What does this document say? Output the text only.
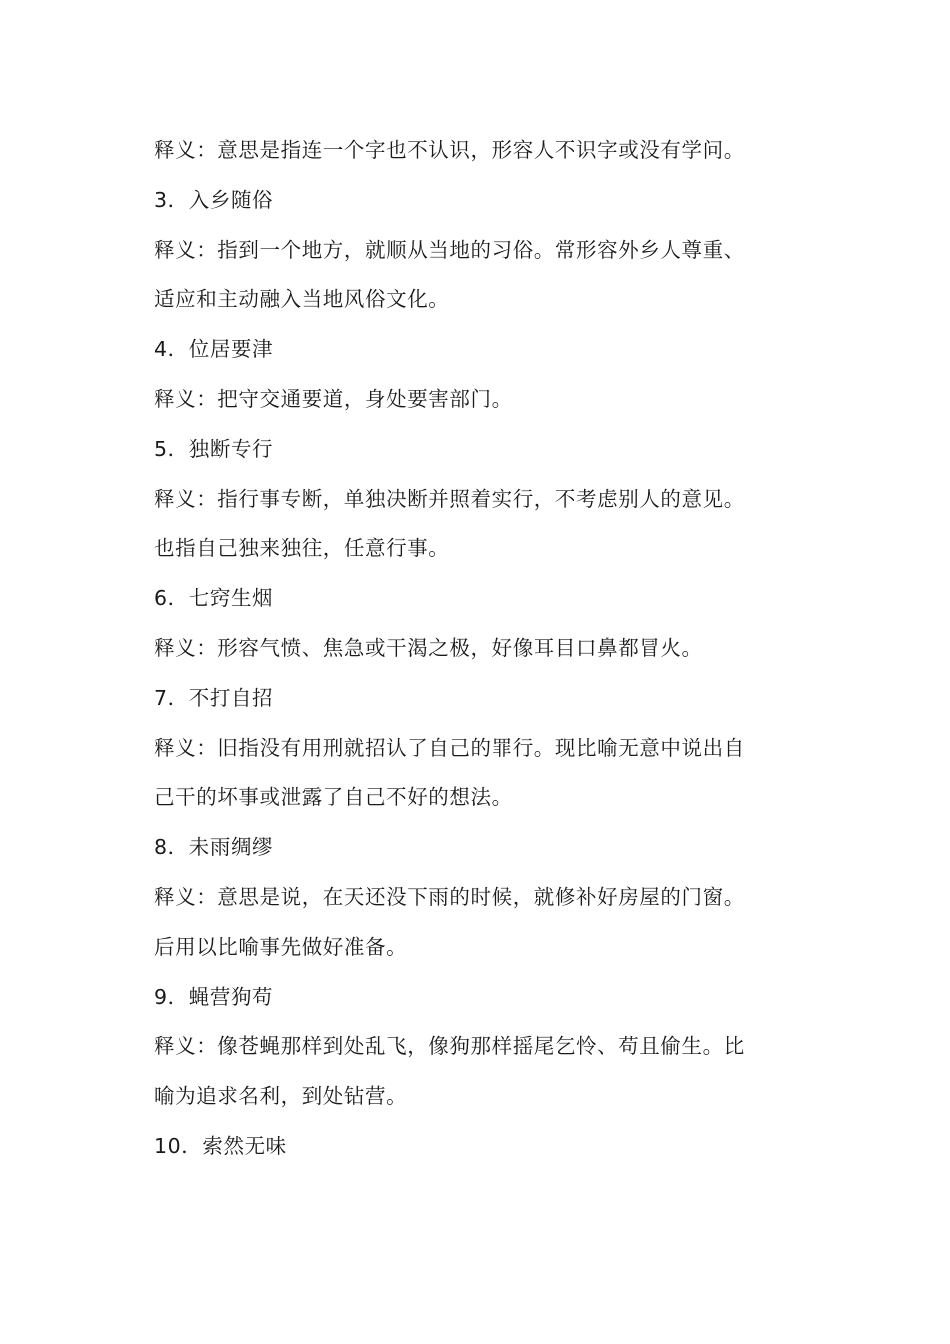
释义：意思是指连一个字也不认识，形容人不识字或没有学问。
3．入乡随俗
释义：指到一个地方，就顺从当地的习俗。常形容外乡人尊重、
适应和主动融入当地风俗文化。
4．位居要津
释义：把守交通要道，身处要害部门。
5．独断专行
释义：指行事专断，单独决断并照着实行，不考虑别人的意见。
也指自己独来独往，任意行事。
6．七窍生烟
释义：形容气愤、焦急或干渴之极，好像耳目口鼻都冒火。
7．不打自招
释义：旧指没有用刑就招认了自己的罪行。现比喻无意中说出自
己干的坏事或泄露了自己不好的想法。
8．未雨绸缪
释义：意思是说，在天还没下雨的时候，就修补好房屋的门窗。
后用以比喻事先做好准备。
9．蝇营狗苟
释义：像苍蝇那样到处乱飞，像狗那样摇尾乞怜、苟且偷生。比
喻为追求名利，到处钻营。
10．索然无味
